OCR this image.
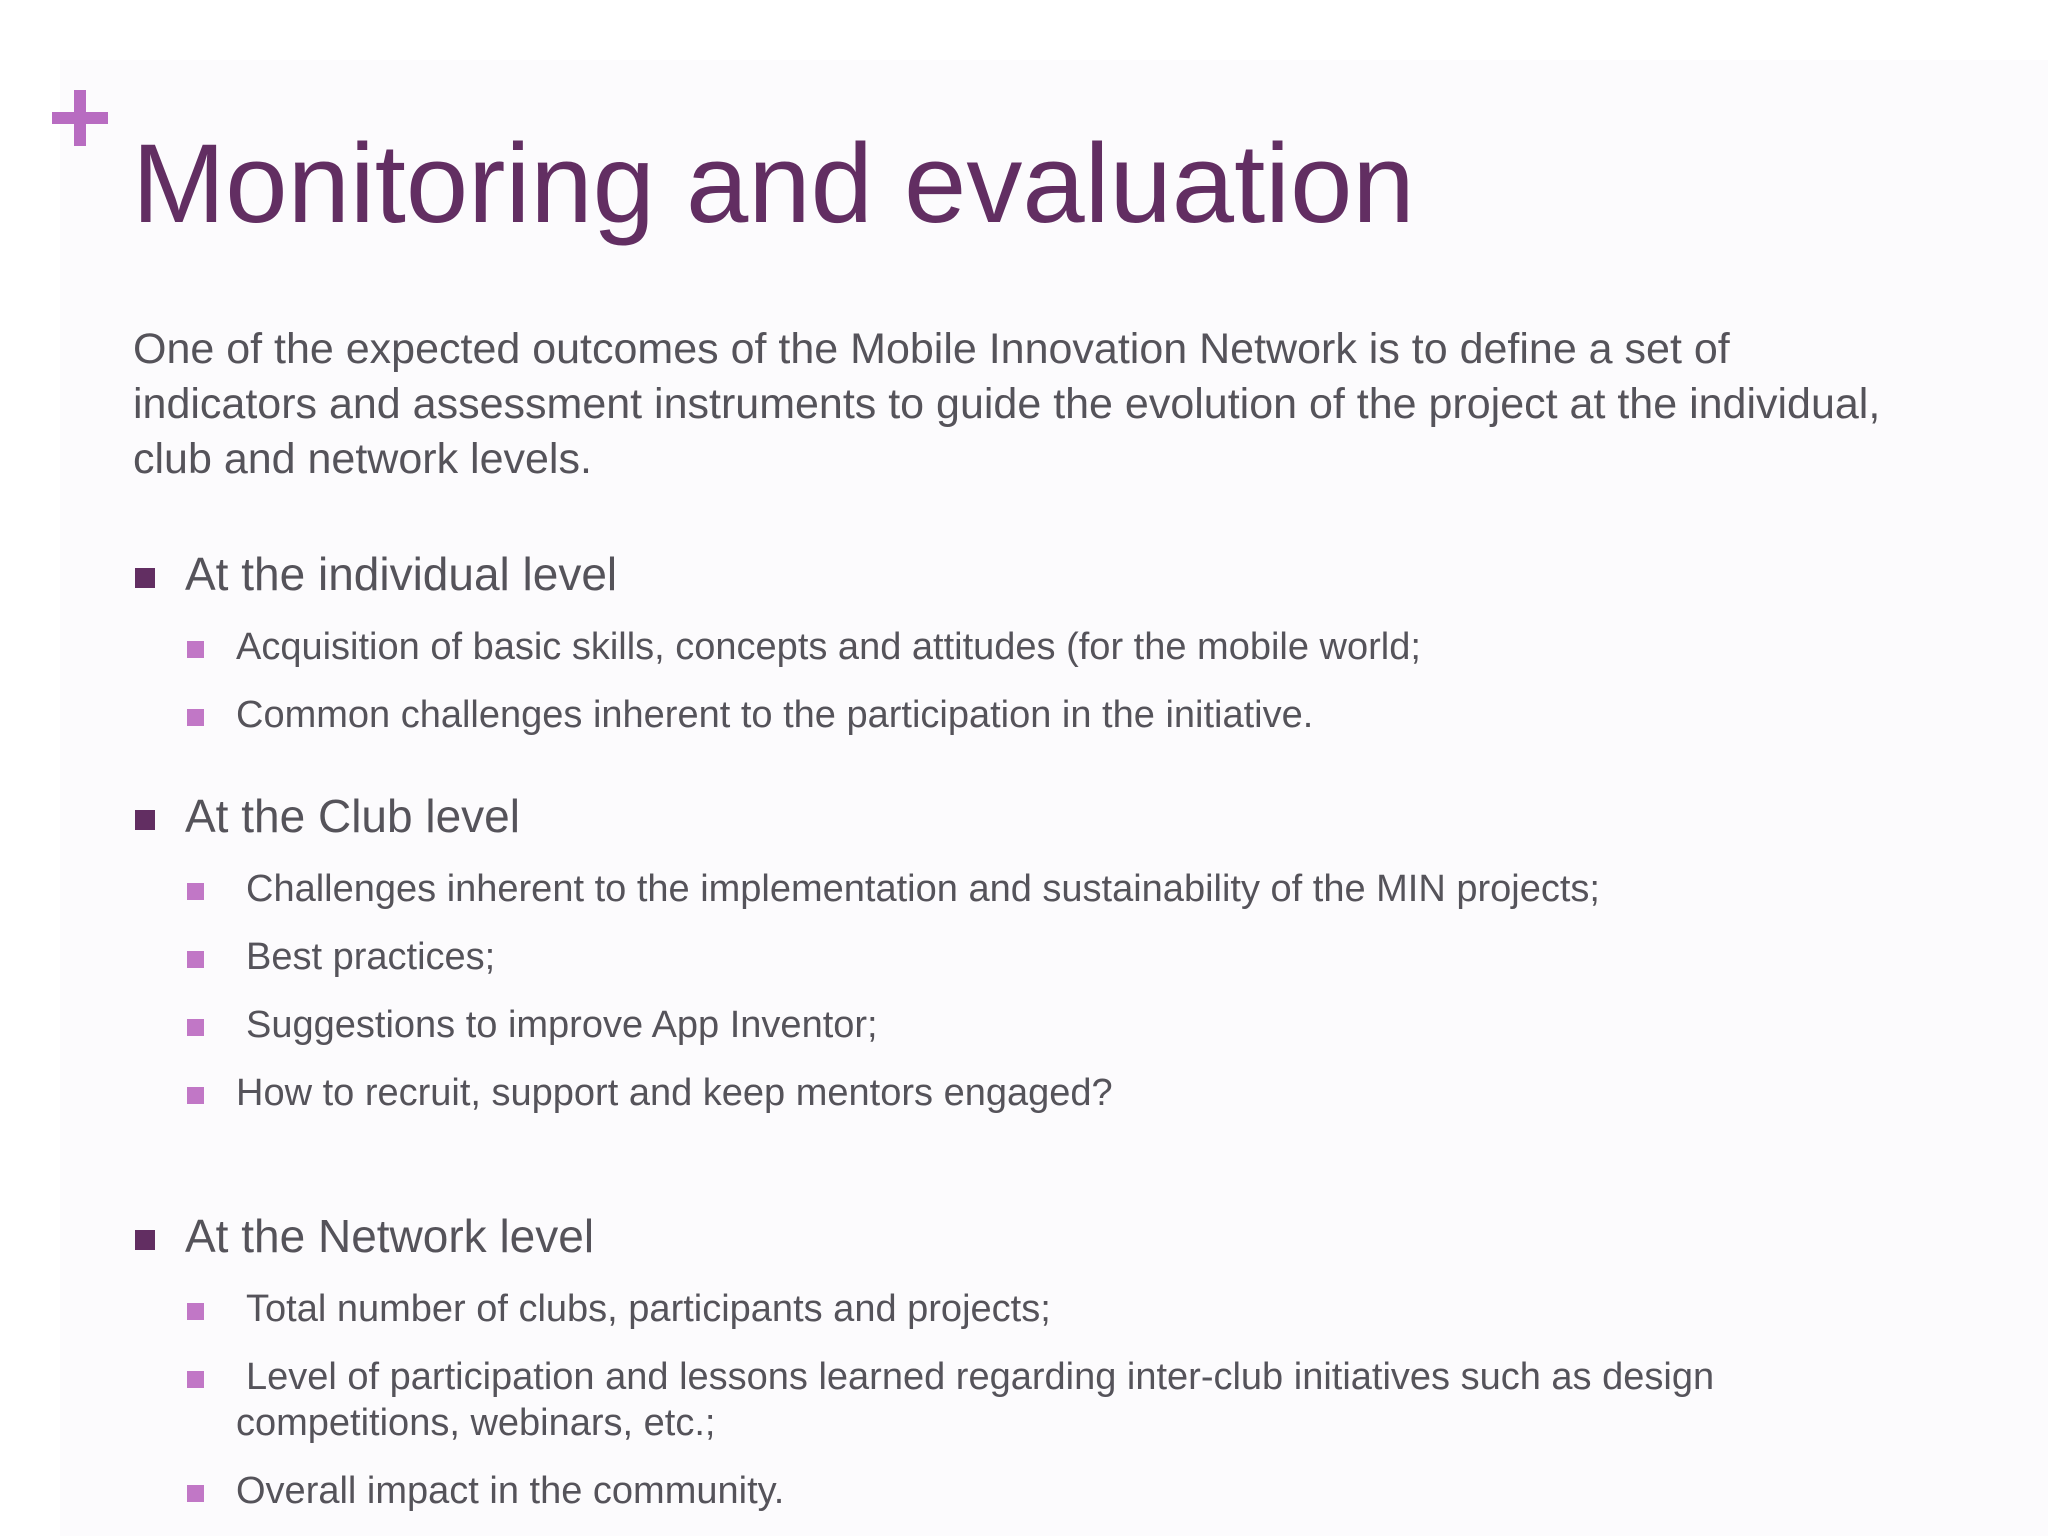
Monitoring and evaluation

One of the expected outcomes of the Mobile Innovation Network is to define a set of indicators and assessment instruments to guide the evolution of the project at the individual, club and network levels.

At the individual level
Acquisition of basic skills, concepts and attitudes (for the mobile world;
Common challenges inherent to the participation in the initiative.
At the Club level
Challenges inherent to the implementation and sustainability of the MIN projects;
Best practices;
Suggestions to improve App Inventor;
How to recruit, support and keep mentors engaged?
At the Network level
Total number of clubs, participants and projects;
Level of participation and lessons learned regarding inter-club initiatives such as design
competitions, webinars, etc.;
Overall impact in the community.
